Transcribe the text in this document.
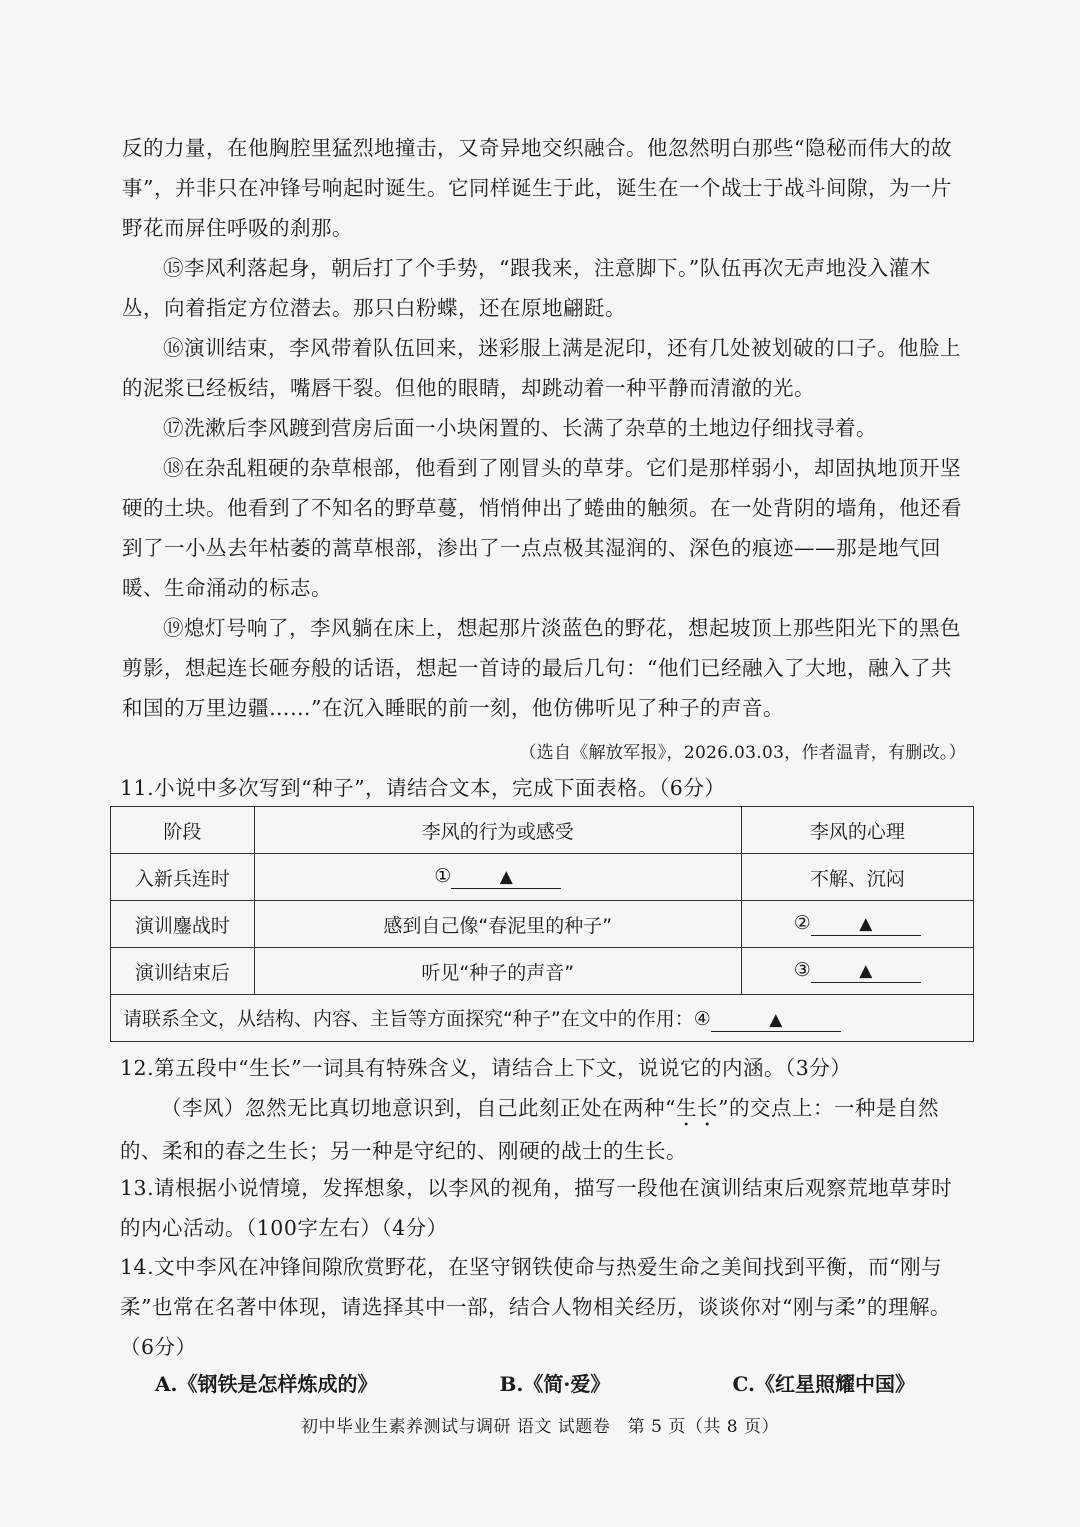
反的力量，在他胸腔里猛烈地撞击，又奇异地交织融合。他忽然明白那些“隐秘而伟大的故事”，并非只在冲锋号响起时诞生。它同样诞生于此，诞生在一个战士于战斗间隙，为一片野花而屏住呼吸的刹那。

⑮李风利落起身，朝后打了个手势，“跟我来，注意脚下。”队伍再次无声地没入灌木丛，向着指定方位潜去。那只白粉蝶，还在原地翩跹。

⑯演训结束，李风带着队伍回来，迷彩服上满是泥印，还有几处被划破的口子。他脸上的泥浆已经板结，嘴唇干裂。但他的眼睛，却跳动着一种平静而清澈的光。

⑰洗漱后李风踱到营房后面一小块闲置的、长满了杂草的土地边仔细找寻着。

⑱在杂乱粗硬的杂草根部，他看到了刚冒头的草芽。它们是那样弱小，却固执地顶开坚硬的土块。他看到了不知名的野草蔓，悄悄伸出了蜷曲的触须。在一处背阴的墙角，他还看到了一小丛去年枯萎的蒿草根部，渗出了一点点极其湿润的、深色的痕迹——那是地气回暖、生命涌动的标志。

⑲熄灯号响了，李风躺在床上，想起那片淡蓝色的野花，想起坡顶上那些阳光下的黑色剪影，想起连长砸夯般的话语，想起一首诗的最后几句：“他们已经融入了大地，融入了共和国的万里边疆……”在沉入睡眠的前一刻，他仿佛听见了种子的声音。

（选自《解放军报》，2026.03.03，作者温青，有删改。）
11.小说中多次写到“种子”，请结合文本，完成下面表格。（6分）
阶段	李风的行为或感受	李风的心理
入新兵连时	① ▲	不解、沉闷
演训鏖战时	感到自己像“春泥里的种子”	② ▲
演训结束后	听见“种子的声音”	③ ▲
请联系全文，从结构、内容、主旨等方面探究“种子”在文中的作用：④ ▲		

12.第五段中“生长”一词具有特殊含义，请结合上下文，说说它的内涵。（3分）

（李风）忽然无比真切地意识到，自己此刻正处在两种“生长”的交点上：一种是自然的、柔和的春之生长；另一种是守纪的、刚硬的战士的生长。

13.请根据小说情境，发挥想象，以李风的视角，描写一段他在演训结束后观察荒地草芽时的内心活动。（100字左右）（4分）
14.文中李风在冲锋间隙欣赏野花，在坚守钢铁使命与热爱生命之美间找到平衡，而“刚与柔”也常在名著中体现，请选择其中一部，结合人物相关经历，谈谈你对“刚与柔”的理解。（6分）
A.《钢铁是怎样炼成的》	B.《简·爱》	C.《红星照耀中国》
初中毕业生素养测试与调研 语文 试题卷　第 5 页（共 8 页）
